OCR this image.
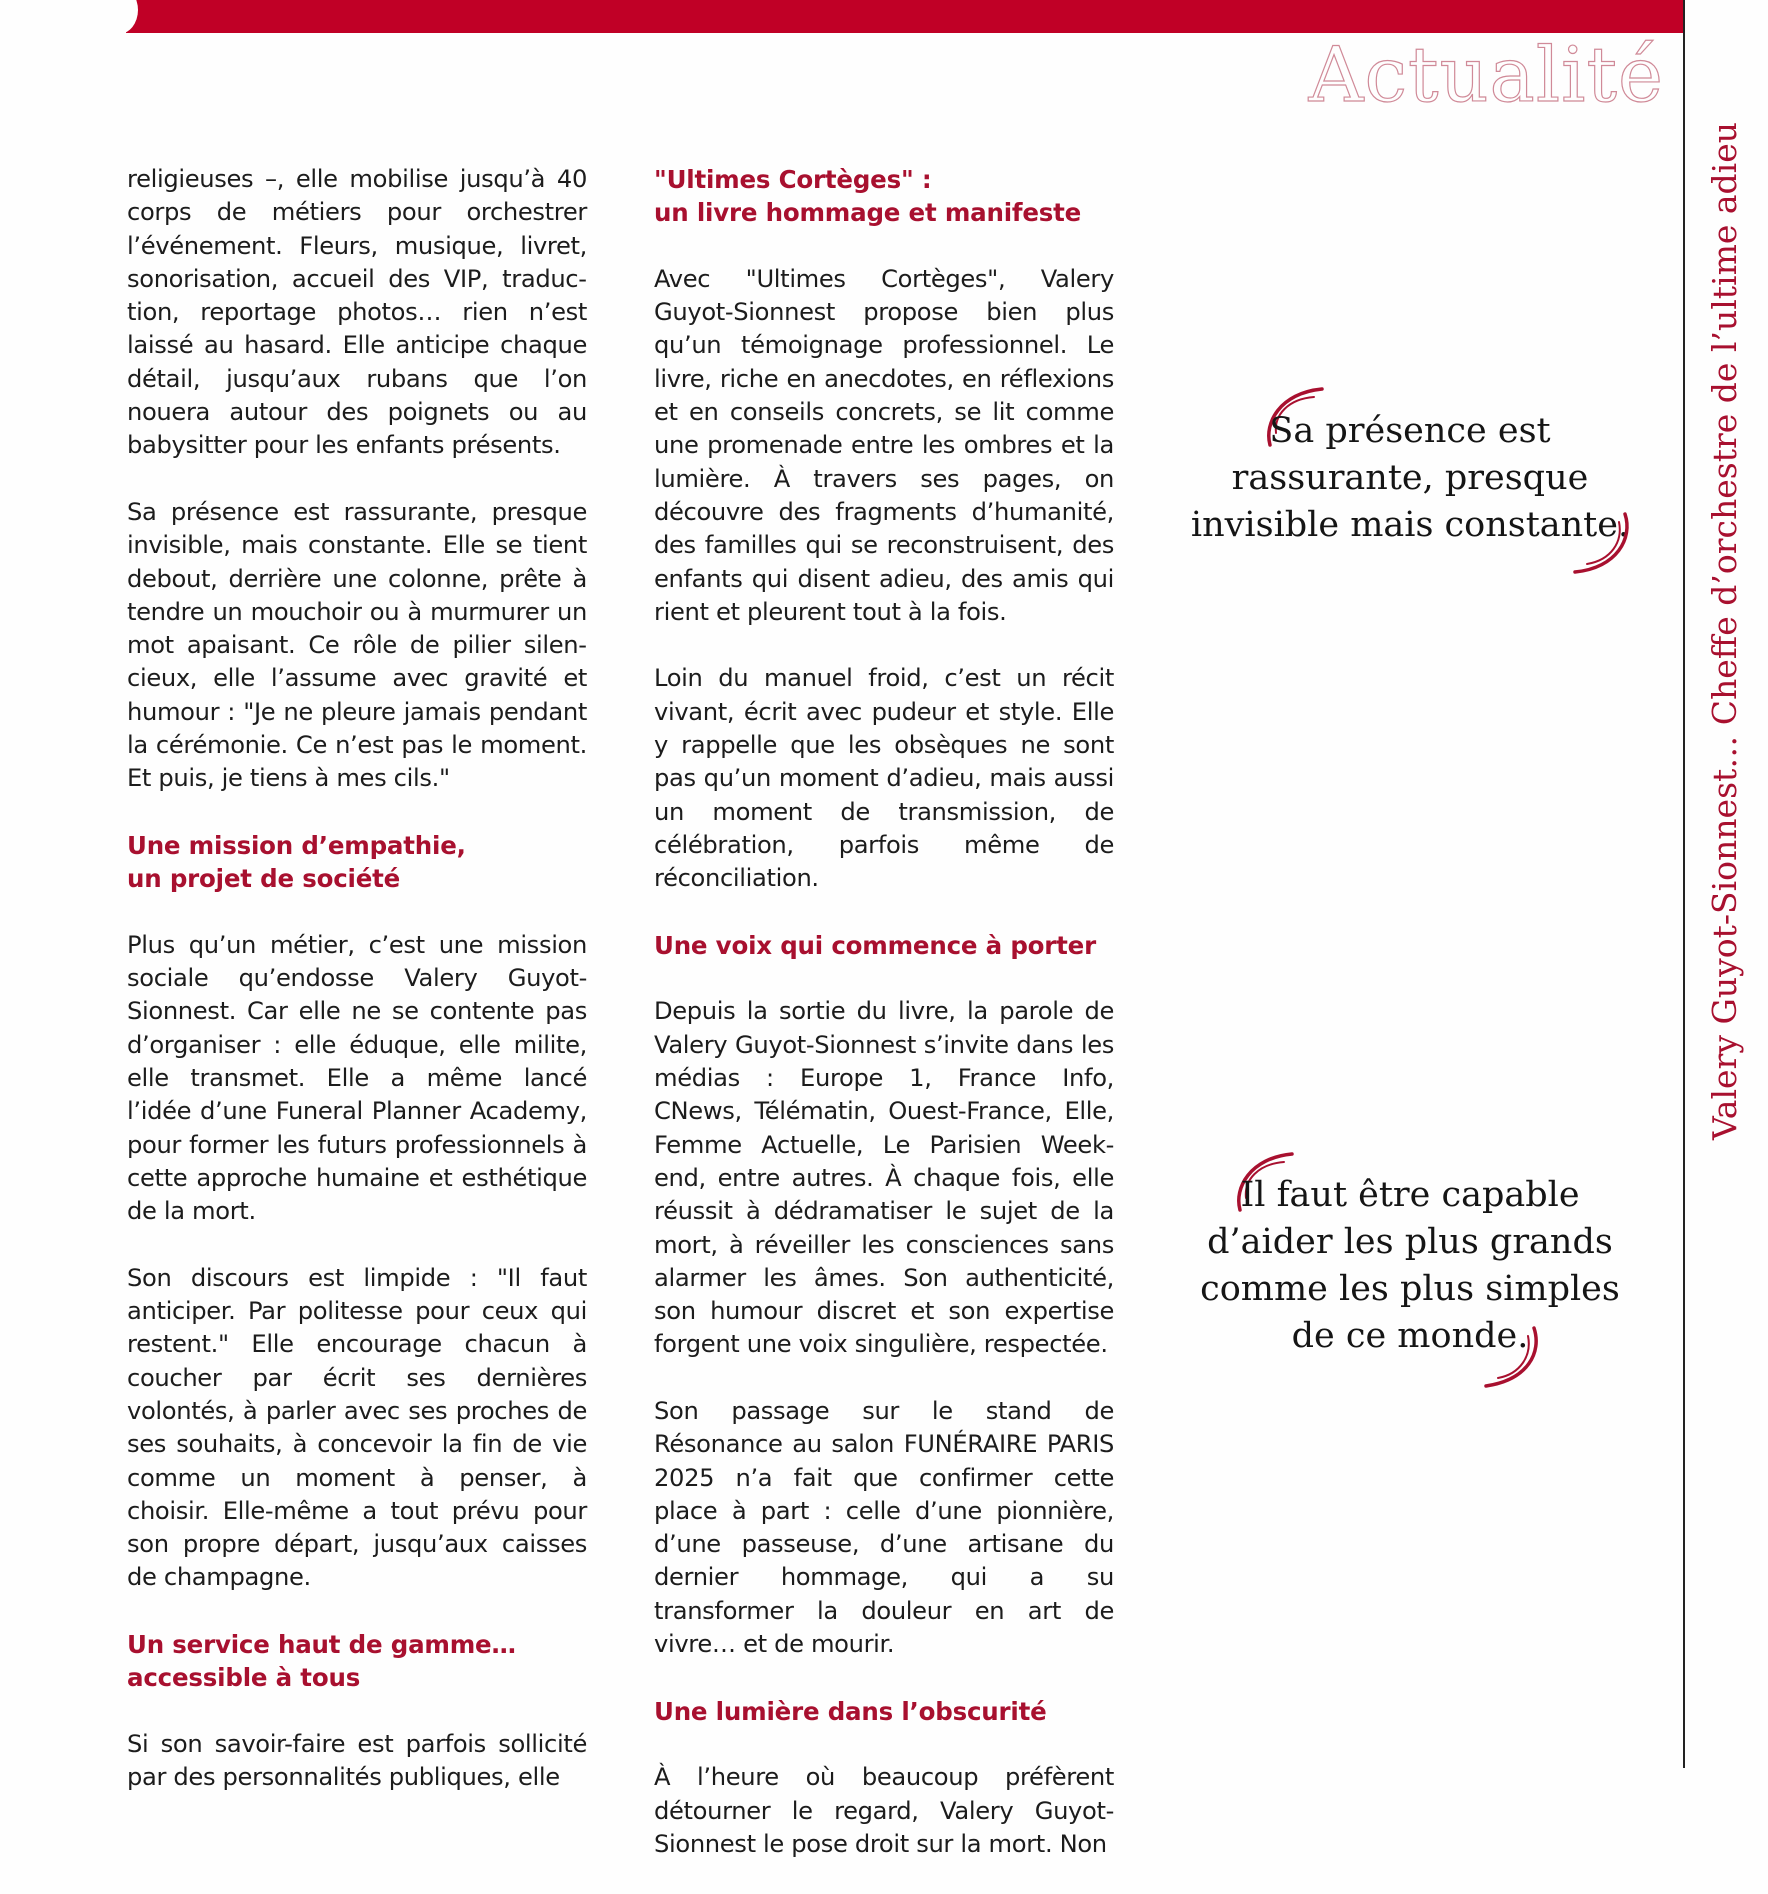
Actualité
Valery Guyot-Sionnest… Cheffe d’orchestre de l’ultime adieu

religieuses –, elle mobilise jusqu’à 40 corps de métiers pour orchestrer l’événement. Fleurs, musique, livret, sonorisation, accueil des VIP, traduction, reportage photos… rien n’est laissé au hasard. Elle anticipe chaque détail, jusqu’aux rubans que l’on nouera autour des poignets ou au babysitter pour les enfants présents.

Sa présence est rassurante, presque invisible, mais constante. Elle se tient debout, derrière une colonne, prête à tendre un mouchoir ou à murmurer un mot apaisant. Ce rôle de pilier silencieux, elle l’assume avec gravité et humour : "Je ne pleure jamais pendant la cérémonie. Ce n’est pas le moment. Et puis, je tiens à mes cils."

Une mission d’empathie,
un projet de société

Plus qu’un métier, c’est une mission sociale qu’endosse Valery Guyot-Sionnest. Car elle ne se contente pas d’organiser : elle éduque, elle milite, elle transmet. Elle a même lancé l’idée d’une Funeral Planner Academy, pour former les futurs professionnels à cette approche humaine et esthétique de la mort.

Son discours est limpide : "Il faut anticiper. Par politesse pour ceux qui restent." Elle encourage chacun à coucher par écrit ses dernières volontés, à parler avec ses proches de ses souhaits, à concevoir la fin de vie comme un moment à penser, à choisir. Elle-même a tout prévu pour son propre départ, jusqu’aux caisses de champagne.

Un service haut de gamme…
accessible à tous

Si son savoir-faire est parfois sollicité par des personnalités publiques, elle

"Ultimes Cortèges" :
un livre hommage et manifeste

Avec "Ultimes Cortèges", Valery Guyot-Sionnest propose bien plus qu’un témoignage professionnel. Le livre, riche en anecdotes, en réflexions et en conseils concrets, se lit comme une promenade entre les ombres et la lumière. À travers ses pages, on découvre des fragments d’humanité, des familles qui se reconstruisent, des enfants qui disent adieu, des amis qui rient et pleurent tout à la fois.

Loin du manuel froid, c’est un récit vivant, écrit avec pudeur et style. Elle y rappelle que les obsèques ne sont pas qu’un moment d’adieu, mais aussi un moment de transmission, de célébration, parfois même de réconciliation.

Une voix qui commence à porter

Depuis la sortie du livre, la parole de Valery Guyot-Sionnest s’invite dans les médias : Europe 1, France Info, CNews, Télématin, Ouest-France, Elle, Femme Actuelle, Le Parisien Week-end, entre autres. À chaque fois, elle réussit à dédramatiser le sujet de la mort, à réveiller les consciences sans alarmer les âmes. Son authenticité, son humour discret et son expertise forgent une voix singulière, respectée.

Son passage sur le stand de Résonance au salon FUNÉRAIRE PARIS 2025 n’a fait que confirmer cette place à part : celle d’une pionnière, d’une passeuse, d’une artisane du dernier hommage, qui a su transformer la douleur en art de vivre… et de mourir.

Une lumière dans l’obscurité

À l’heure où beaucoup préfèrent détourner le regard, Valery Guyot-Sionnest le pose droit sur la mort. Non

Sa présence est
rassurante, presque
invisible mais constante.
Il faut être capable
d’aider les plus grands
comme les plus simples
de ce monde.
